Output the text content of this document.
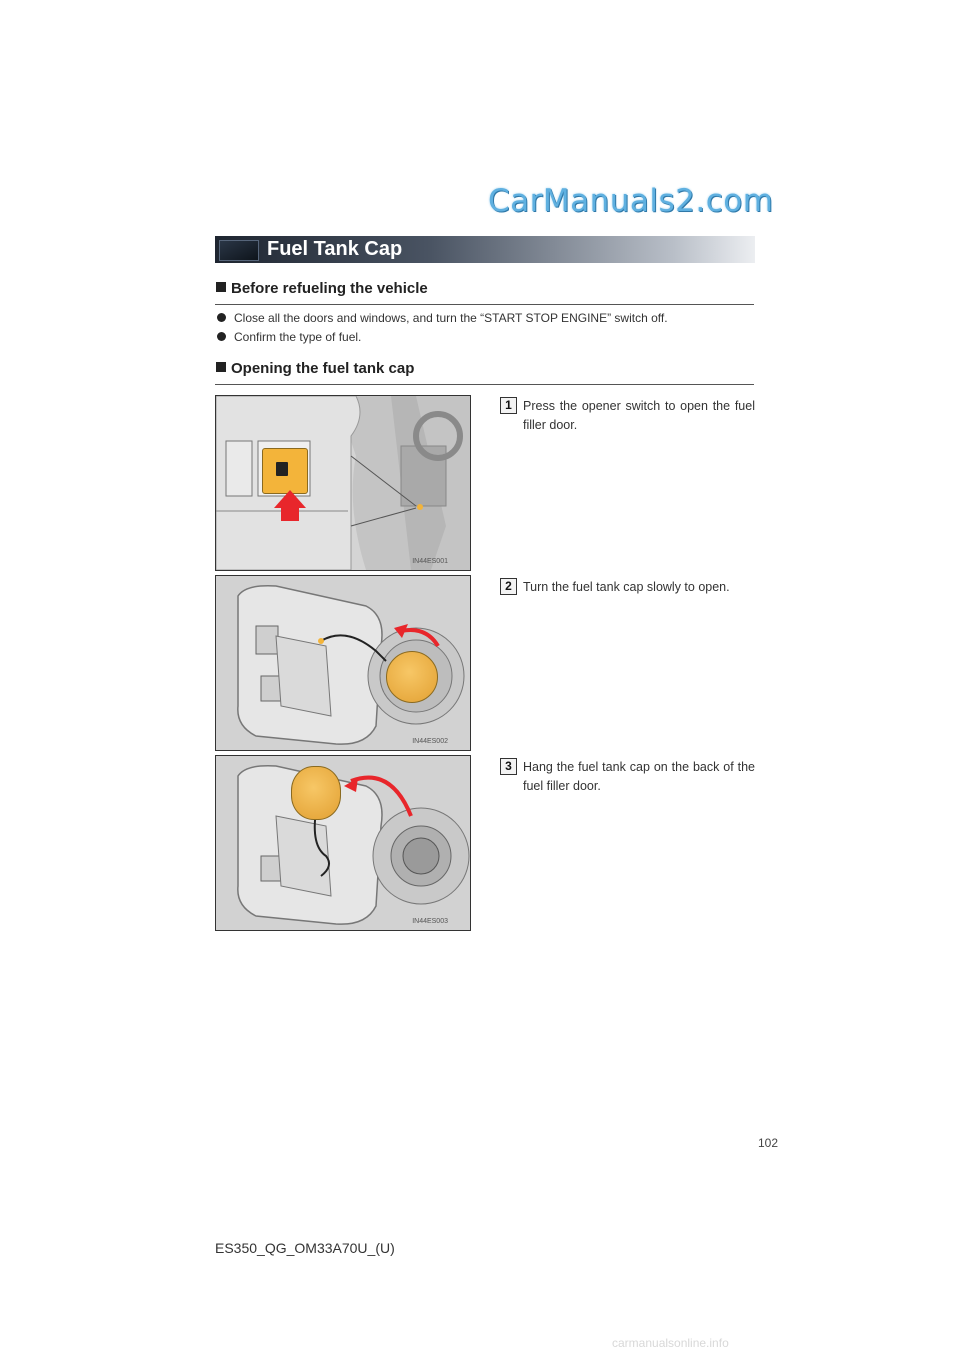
CarManuals2.com
Fuel Tank Cap
Before refueling the vehicle
Close all the doors and windows, and turn the “START STOP ENGINE” switch off.
Confirm the type of fuel.
Opening the fuel tank cap
IN44ES001
1 Press the opener switch to open the fuel filler door.
IN44ES002
2 Turn the fuel tank cap slowly to open.
IN44ES003
3 Hang the fuel tank cap on the back of the fuel filler door.
102
ES350_QG_OM33A70U_(U)
carmanualsonline.info
